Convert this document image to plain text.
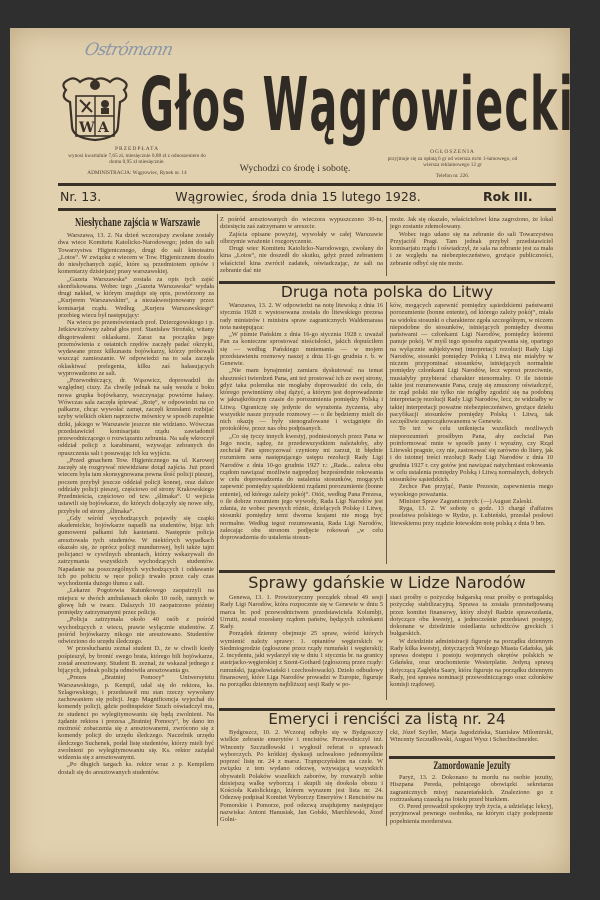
Ostrómann
W A Głos Wągrowiecki
PRZEDPŁATA
wynosi kwartalnie 7,65 zł, miesięcznie 0,88 zł z odnoszeniem do domu 0,95 zł miesięcznie.
ADMINISTRACJA: Wągrowiec, Rynek nr. 14	Wychodzi co środę i sobotę.
OGŁOSZENIA
przyjmuje się za opłatą 6 gr od wiersza m/m 1-łamowego, od wiersza reklamowego 12 gr
Telefon nr. 226.
Nr. 13.	Wągrowiec, środa dnia 15 lutego 1928.	Rok III.
Niesłychane zajścia w Warszawie

Warszawa, 13. 2. Na dzień wczorajszy zwołane zostały dwa wiece Komitetu Katolicko-Narodowego; jeden do sali Towarzystwa Higjenicznego, drugi do sali kinoteatru „Lotos“. W związku z wiecem w Tow. Higjenicznem doszło do niesłychanych zajść, które są przedmiotem opisów i komentarzy dzisiejszej prasy warszawskiej.

„Gazeta Warszawska“ została za opis tych zajść skonfiskowana. Wobec tego „Gazeta Warszawska“ wydała drugi nakład, w którym znajduje się opis, powtórzony za „Kurjerem Warszawskim“, a niezakwestjonowany przez komisarjat rządu. Według „Kurjera Warszawskiego“ przebieg wiecu był następujący:

Na wiecu po przemówieniach prof. Dzierzgowskiego i p. Jetkiewiczówny zabrał głos prof. Stanisław Stroński, witany długotrwałemi oklaskami. Zaraz na początku jego przemówienia z ostatnich rzędów zaczęły padać okrzyki, wydawane przez kilkunastu bojówkarzy, którzy próbowali wszcząć zamieszanie. W odpowiedzi na to sala zaczęła oklaskiwać prelegenta, kilku zaś hałasujących wyprowadzono ze sali.

„Przewodniczący, dr. Wąsowicz, doprowadził do względnej ciszy. Za chwilę jednak na salę weszła z boku nowa grupka bojówkarzy, wszczynając powtórne hałasy. Wówczas sala zaczęła śpiewać „Rotę“, w odpowiedzi na co pałkarze, chcąc wywołać zamęt, zaczęli krzesłami rozbijać szyby wielkich okien naprzeciw mównicy w sposób zupełnie dziki, jakiego w Warszawie jeszcze nie widziano. Wówczas przedstawiciel komisarjatu rządu zawiadomił przewodniczącego o rozwiązaniu zebrania. Na salę wkroczył oddział policji z karabinami, wzywając zebranych do opuszczenia sali i posuwając ich ku wyjściu.

„Przed gmachem Tow. Higjenicznego na ul. Karowej zaczęły się rozgrywać niewidziane dotąd zajścia. Już przed wiecem była tam skonsygnowana pewna ilość policji pieszej, poczem przybył jeszcze oddział policji konnej, oraz dalsze oddziały policji pieszej, częściowo od strony Krakowskiego Przedmieścia, częściowo od tzw. „ślimaka“. U wejścia ustawili się bojówkarze, do których dołączyły się nowe siły, przybyłe od strony „ślimaka“.

„Gdy wśród wychodzących pojawiły się czapki akademickie, bojówkarze napadli na studentów, bijąc ich gumowemi pałkami lub kastetami. Następnie policja aresztowała tych studentów. W niektórych wypadkach okazało się, że oprócz policji mundurowej, byli także tajni policjanci w cywilnych ubraniach, którzy wskazywali do zatrzymania wszystkich wychodzących studentów. Napadanie na poszczególnych wychodzących i oddawanie ich po pobiciu w ręce policji trwało przez cały czas wychodzenia dużego tłumu z sali.

„Lekarze Pogotowia Ratunkowego zaopatrzyli na miejscu w dwóch ambulansach około 10 osób, rannych w głowę lub w twarz. Dalszych 10 zaopatrzono później pomiędzy zatrzymanymi przez policję.

„Policja zatrzymała około 40 osób z pośród wychodzących z wiecu, prawie wyłącznie studentów. Z pośród bojówkarzy nikogo nie aresztowano. Studentów odwieziono do urzędu śledczego.

W przesłuchaniu zeznał student D., że w chwili kiedy pośpieszył, by bronić swego brata, którego bili bojówkarze, został aresztowany. Student B. zeznał, że wskazał jednego z bijących, jednak policja odmówiła aresztowania go.

„Prezes „Bratniej Pomocy“ Uniwersytetu Warszawskiego, p. Kempil, udał się do rektora, ks. Szlagowskiego, i przedstawił mu stan rzeczy wywołany zachowaniem się policji. Jego Magnificencja wyjechał do komendy policji, gdzie podinspektor Szuch oświadczył mu, że studenci po wylegitymowaniu się będą zwolnieni. Na żądanie rektora i prezesa „Bratniej Pomocy“, by dano im możność zobaczenia się z aresztowanemi, zwrócono się z komendy policji do urzędu śledczego. Naczelnik urzędu śledczego Suchenek, podał listę studentów, którzy mieli być zwolnieni po wylegitymowaniu się. Ks. rektor zażądał widzenia się z aresztowanymi.

„Po długich targach ks. rektor wraz z p. Kempilem dostali się do aresztowanych studentów.

Z pośród aresztowanych do wieczora wypuszczono 30-tu, dziesięciu zaś zatrzymano w areszcie.

Zajścia opisane powyżej, wywołały w całej Warszawie olbrzymie wrażenie i rozgoryczenie.

Drugi wiec Komitetu Katolicko-Narodowego, zwołany do kina „Lotos“, nie doszedł do skutku, gdyż przed zebraniem właściciel kina zwrócił zadatek, oświadczając, że sali na zebranie dać nie

może. Jak się okazało, właścicielowi kina zagrożono, że lokal jego zostanie zdemolowany.

Wobec tego udano się na zebranie do sali Towarzystwa Przyjaciół Pragi. Tam jednak przybył przedstawiciel komisarjatu rządu i oświadczył, że sala na zebranie jest za mała i ze względu na niebezpieczeństwo, grożące publiczności, zebranie odbyć się nie może.

Druga nota polska do Litwy

Warszawa, 13. 2. W odpowiedzi na notę litewską z dnia 16 stycznia 1928 r. wystosowana została do litewskiego prezesa rady ministrów i ministra spraw zagranicznych Waldemarasa nota następująca:

„W piśmie Pańskim z dnia 16-go stycznia 1928 r. uważał Pan za konieczne sprostować nieścisłości, jakich dopuściłem się — według Pańskiego mniemania — w mojem przedstawieniu rozmowy naszej z dnia 11-go grudnia r. b. w Genewie.

„Nie mam bynajmniej zamiaru dyskutować na temat słuszności twierdzeń Pana, ani też prostować ich ze swej strony, gdyż taka polemika nie mogłaby doprowadzić do celu, do którego powinniśmy obaj dążyć, a którym jest doprowadzenie w jaknajkrótszym czasie do porozumienia pomiędzy Polską i Litwą. Ograniczę się jedynie do wyrażenia życzenia, aby wszystkie nasze przyszłe rozmowy — o ile będziemy mieli do nich okazję — były stenografowane i wciągnięte do protokółów, przez nas obu podpisanych.

„Co się tyczy innych kwestyj, podniesionych przez Pana w Jego nocie, sądzę, że przedewszystkiem należałoby, aby zechciał Pan sprecyzować czyniony mi zarzut, iż błędnie rozumiem sens następującego ustępu rezolucji Rady Ligi Narodów z dnia 10-go grudnia 1927 r.: „Rada... zaleca obu rządom nawiązać możliwie najprędzej bezpośrednie rokowania w celu doprowadzenia do ustalenia stosunków, mogących zapewnić pomiędzy sąsiedzkiemi rządami porozumienie (bonne entente), od którego zależy pokój“. Otóż, według Pana Prezesa, o ile dobrze rozumiem jego wywody, Rada Ligi Narodów jest zdania, że wobec pewnych różnic, dzielących Polskę i Litwę, stosunki pomiędzy temi dwoma krajami nie mogą być normalne. Według tegoż rozumowania, Rada Ligi Narodów, zalecając obu stronom podjęcie rokowań „w celu doprowadzenia do ustalenia stosun-

ków, mogących zapewnić pomiędzy sąsiedzkiemi państwami porozumienie (bonne entente), od którego zależy pokój“, miała na widoku stosunki o charakterze zgoła szczególnym, w niczem niepodobne do stosunków, istniejących pomiędzy dwoma państwami — członkami Ligi Narodów, pomiędzy któremi panuje pokój. W myśl tego sposobu zapatrywania się, opartego na wyłącznie subjektywnej interpretacji rezolucji Rady Ligi Narodów, stosunki pomiędzy Polską i Litwą nie miałyby w niczem przypominać stosunków, istniejących normalnie pomiędzy członkami Ligi Narodów, lecz wprost przeciwnie, musiałyby przybierać charakter nienormalny. O ile istotnie takie jest rozumowanie Pana, czuję się zmuszony oświadczyć, że rząd polski nie tylko nie mógłby zgodzić się na podobną interpretację rezolucji Rady Ligi Narodów, lecz, że widziałby w takiej interpretacji poważne niebezpieczeństwo, grożące dziełu pacyfikacji stosunków pomiędzy Polską i Litwą, tak szczęśliwie zapoczątkowanemu w Genewie.

To też w celu uniknięcia wszelkich możliwych nieporozumień prosiłbym Pana, aby zechciał Pan poinformować mnie w sposób jasny i wyraźny, czy Rząd Litewski pragnie, czy nie, zastosować się zarówno do litery, jak i do istotnej treści rezolucji Rady Ligi Narodów z dnia 10 grudnia 1927 r. czy gotów jest nawiązać natychmiast rokowania w celu ustalenia pomiędzy Polską i Litwą normalnych, dobrych stosunków sąsiedzkich.

Zechce Pan przyjąć, Panie Prezesie, zapewnienia mego wysokiego poważania.

Minister Spraw Zagranicznych: (—) August Zaleski.

Ryga, 13. 2. W sobotę o godz. 13 chargé d'affaires poselstwa polskiego w Rydze, p. Łubieński, przesłał posłowi litewskiemu przy rządzie łotewskim notę polską z dnia 9 bm.

Sprawy gdańskie w Lidze Narodów

Genewa, 13. 1. Prowizoryczny porządek obrad 49 sesji Rady Ligi Narodów, która rozpocznie się w Genewie w dniu 5 marca br. pod przewodnictwem przedstawiciela Kolumbji, Urrutti, został rozesłany rządom państw, będących członkami Rady.

Porządek dzienny obejmuje 25 spraw, wśród których wymienić należy sprawy: 1. optantów węgierskich w Siedmiogrodzie (zgłoszone przez rządy rumuński i węgierski); 2. incydentu, jaki wydarzył się w dniu 1 stycznia br. na granicy austrjacko-węgierskiej z Szent-Gothard (zgłoszoną przez rządy: rumuński, jugosłowiański i czechosłowacki). Dzieło odbudowy finansowej, które Liga Narodów prowadzi w Europie, figuruje na porządku dziennym najbliższej sesji Rady w po-

staci prośby o pożyczkę bułgarską oraz prośby o portugalską pożyczkę stabilizacyjną. Sprawa ta została przestudjowaną przez komitet finansowy, który złożył Radzie sprawozdania, dotyczące obu kwestyj, a jednocześnie przedstawi postępy, dokonane w dziedzinie osiedlania uchodźców greckich i bułgarskich.

W dziedzinie administracji figuruje na porządku dziennym Rady kilka kwestyj, dotyczących Wolnego Miasta Gdańska, jak sprawa dostępu i postoju wojennych okrętów polskich w Gdańsku, oraz uruchomienie Westerplatte. Jedyną sprawą dotyczącą Zagłębia Saary, która figuruje na porządku dziennym Rady, jest sprawa nominacji przewodniczącego oraz członków komisji rządowej.

Emeryci i renciści za listą nr. 24

Bydgoszcz, 10. 2. Wczoraj odbyło się w Bydgoszczy wielkie zebranie emerytów i rencistów. Przewodniczył inż. Wincenty Szczudłowski i wygłosił referat o sprawach wyborczych. Po krótkiej dyskusji uchwalono jednomyślnie poprzeć listę nr. 24 z marsz. Trąmpczyńskim na czele. W związku z tem wydano odezwę, wzywającą wszystkich obywateli Polaków wszelkich zaborów, by rozważyli sobie dzisiejszą walkę wyborczą i skupili się dookoła obozu i Kościoła Katolickiego, którem wyrazem jest lista nr. 24. Odezwę podpisał Komitet Wyborczy Emerytów i Rencistów na Pomorskie i Pomorze, pod odezwą znajdujemy następujące nazwiska: Antoni Hanusiak, Jan Gołski, Marchlewski, Józef Golni-

cki, Józef Szyfler, Marja Jagodzińska, Stanisław Milomirski, Wincenty Szczudłowski, August Wysz i Schechtschneider.

Zamordowanie Jezuity

Paryż, 13. 2. Dokonano tu mordu na osobie jezuity, Hiszpana Pereda, pełniącego obowiązki sekretarza zagranicznych misyj nazaretańskich. Znaleziono go z roztrzaskaną czaszką na fotelu przed biurkiem.

O. Pered prowadził spokojny tryb życia, a udzielając lekcyj, przyjmował pewnego osobnika, na którym ciąży podejrzenie popełnienia morderstwa.
